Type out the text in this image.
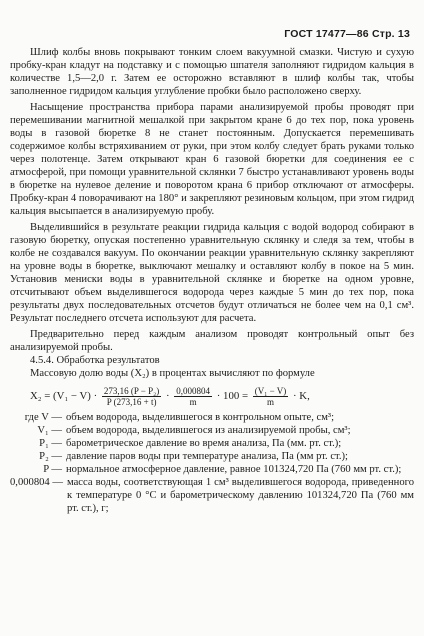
ГОСТ 17477—86 Стр. 13

Шлиф колбы вновь покрывают тонким слоем вакуумной смазки. Чистую и сухую пробку-кран кладут на подставку и с помощью шпателя заполняют гидридом кальция в количестве 1,5—2,0 г. Затем ее осторожно вставляют в шлиф колбы так, чтобы заполненное гидридом кальция углубление пробки было расположено сверху.

Насыщение пространства прибора парами анализируемой пробы проводят при перемешивании магнитной мешалкой при закрытом кране 6 до тех пор, пока уровень воды в газовой бюретке 8 не станет постоянным. Допускается перемешивать содержимое колбы встряхиванием от руки, при этом колбу следует брать руками только через полотенце. Затем открывают кран 6 газовой бюретки для соединения ее с атмосферой, при помощи уравнительной склянки 7 быстро устанавливают уровень воды в бюретке на нулевое деление и поворотом крана 6 прибор отключают от атмосферы. Пробку-кран 4 поворачивают на 180° и закрепляют резиновым кольцом, при этом гидрид кальция высыпается в анализируемую пробу.

Выделившийся в результате реакции гидрида кальция с водой водород собирают в газовую бюретку, опуская постепенно уравнительную склянку и следя за тем, чтобы в колбе не создавался вакуум. По окончании реакции уравнительную склянку закрепляют на уровне воды в бюретке, выключают мешалку и оставляют колбу в покое на 5 мин. Установив мениски воды в уравнительной склянке и бюретке на одном уровне, отсчитывают объем выделившегося водорода через каждые 5 мин до тех пор, пока результаты двух последовательных отсчетов будут отличаться не более чем на 0,1 см³. Результат последнего отсчета используют для расчета.

Предварительно перед каждым анализом проводят контрольный опыт без анализируемой пробы.

4.5.4. Обработка результатов

Массовую долю воды (X₂) в процентах вычисляют по формуле

$X_2 = (V_1 - V) \cdot \frac{\text{273,16 (P − P₂)}}{P (273,16 + t)} \cdot \frac{0,000804}{m} \cdot 100 = \frac{\text{(V₁ − V)}}{m} \cdot K$,
где V — объем водорода, выделившегося в контрольном опыте, см³;
V₁ — объем водорода, выделившегося из анализируемой пробы, см³;
P₁ — барометрическое давление во время анализа, Па (мм. рт. ст.);
P₂ — давление паров воды при температуре анализа, Па (мм рт. ст.);
P — нормальное атмосферное давление, равное 101324,720 Па (760 мм рт. ст.);
0,000804 — масса воды, соответствующая 1 см³ выделившегося водорода, приведенного к температуре 0 °С и барометрическому давлению 101324,720 Па (760 мм рт. ст.), г;
